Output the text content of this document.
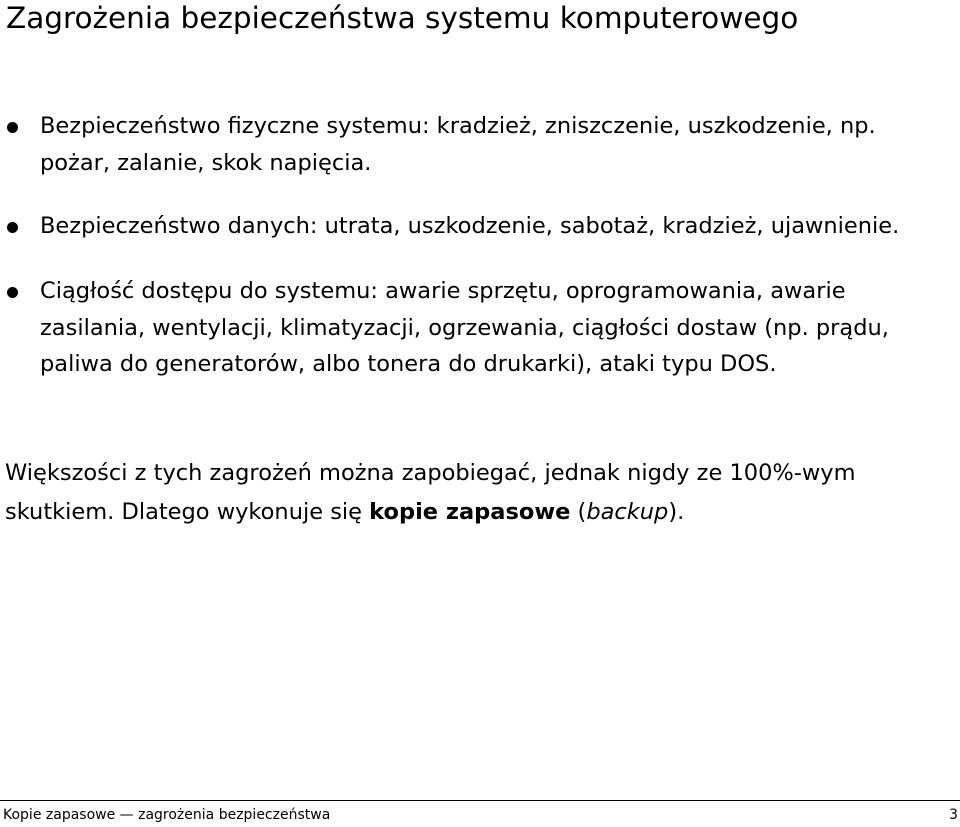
Zagrożenia bezpieczeństwa systemu komputerowego
Bezpieczeństwo fizyczne systemu: kradzież, zniszczenie, uszkodzenie, np.
pożar, zalanie, skok napięcia.
Bezpieczeństwo danych: utrata, uszkodzenie, sabotaż, kradzież, ujawnienie.
Ciągłość dostępu do systemu: awarie sprzętu, oprogramowania, awarie
zasilania, wentylacji, klimatyzacji, ogrzewania, ciągłości dostaw (np. prądu,
paliwa do generatorów, albo tonera do drukarki), ataki typu DOS.
Większości z tych zagrożeń można zapobiegać, jednak nigdy ze 100%-wym
skutkiem. Dlatego wykonuje się kopie zapasowe (backup).
Kopie zapasowe — zagrożenia bezpieczeństwa	3
